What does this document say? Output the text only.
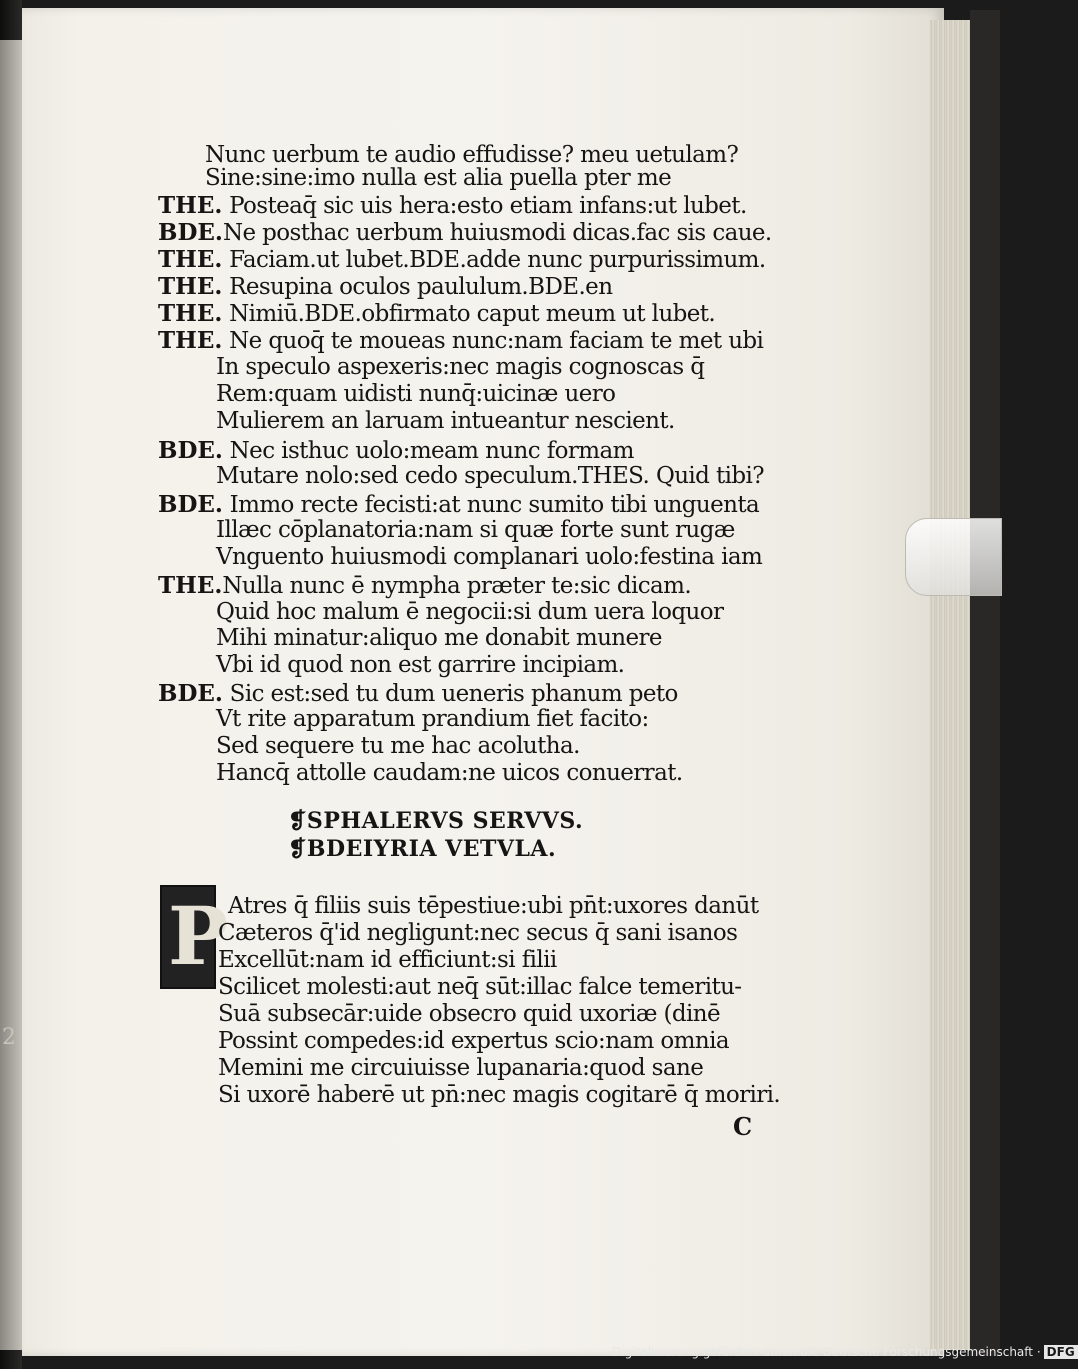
Nunc uerbum te audio effudisse? meu uetulam?
Sine:sine:imo nulla est alia puella pter me
THE. Posteaq̄ sic uis hera:esto etiam infans:ut lubet.
BDE.Ne posthac uerbum huiusmodi dicas.fac sis caue.
THE. Faciam.ut lubet.BDE.adde nunc purpurissimum.
THE. Resupina oculos paululum.BDE.en
THE. Nimiū.BDE.obfirmato caput meum ut lubet.
THE. Ne quoq̄ te moueas nunc:nam faciam te met ubi
In speculo aspexeris:nec magis cognoscas q̄
Rem:quam uidisti nunq̄:uicinæ uero
Mulierem an laruam intueantur nescient.
BDE. Nec isthuc uolo:meam nunc formam
Mutare nolo:sed cedo speculum.THES. Quid tibi?
BDE. Immo recte fecisti:at nunc sumito tibi unguenta
Illæc cōplanatoria:nam si quæ forte sunt rugæ
Vnguento huiusmodi complanari uolo:festina iam
THE.Nulla nunc ē nympha præter te:sic dicam.
Quid hoc malum ē negocii:si dum uera loquor
Mihi minatur:aliquo me donabit munere
Vbi id quod non est garrire incipiam.
BDE. Sic est:sed tu dum ueneris phanum peto
Vt rite apparatum prandium fiet facito:
Sed sequere tu me hac acolutha.
Hancq̄ attolle caudam:ne uicos conuerrat.
❡SPHALERVS SERVVS.
❡BDEIYRIA VETVLA.
P Atres q̄ filiis suis tēpestiue:ubi pn̄t:uxores danūt
Cæteros q̄'id negligunt:nec secus q̄ sani isanos
Excellūt:nam id efficiunt:si filii
Scilicet molesti:aut neq̄ sūt:illac falce temeritu-
Suā subsecār:uide obsecro quid uxoriæ (dinē
Possint compedes:id expertus scio:nam omnia
Memini me circuiuisse lupanaria:quod sane
Si uxorē haberē ut pn̄:nec magis cogitarē q̄ moriri.
C
2
Digitalisierung gefördert durch die Deutsche Forschungsgemeinschaft · DFG
